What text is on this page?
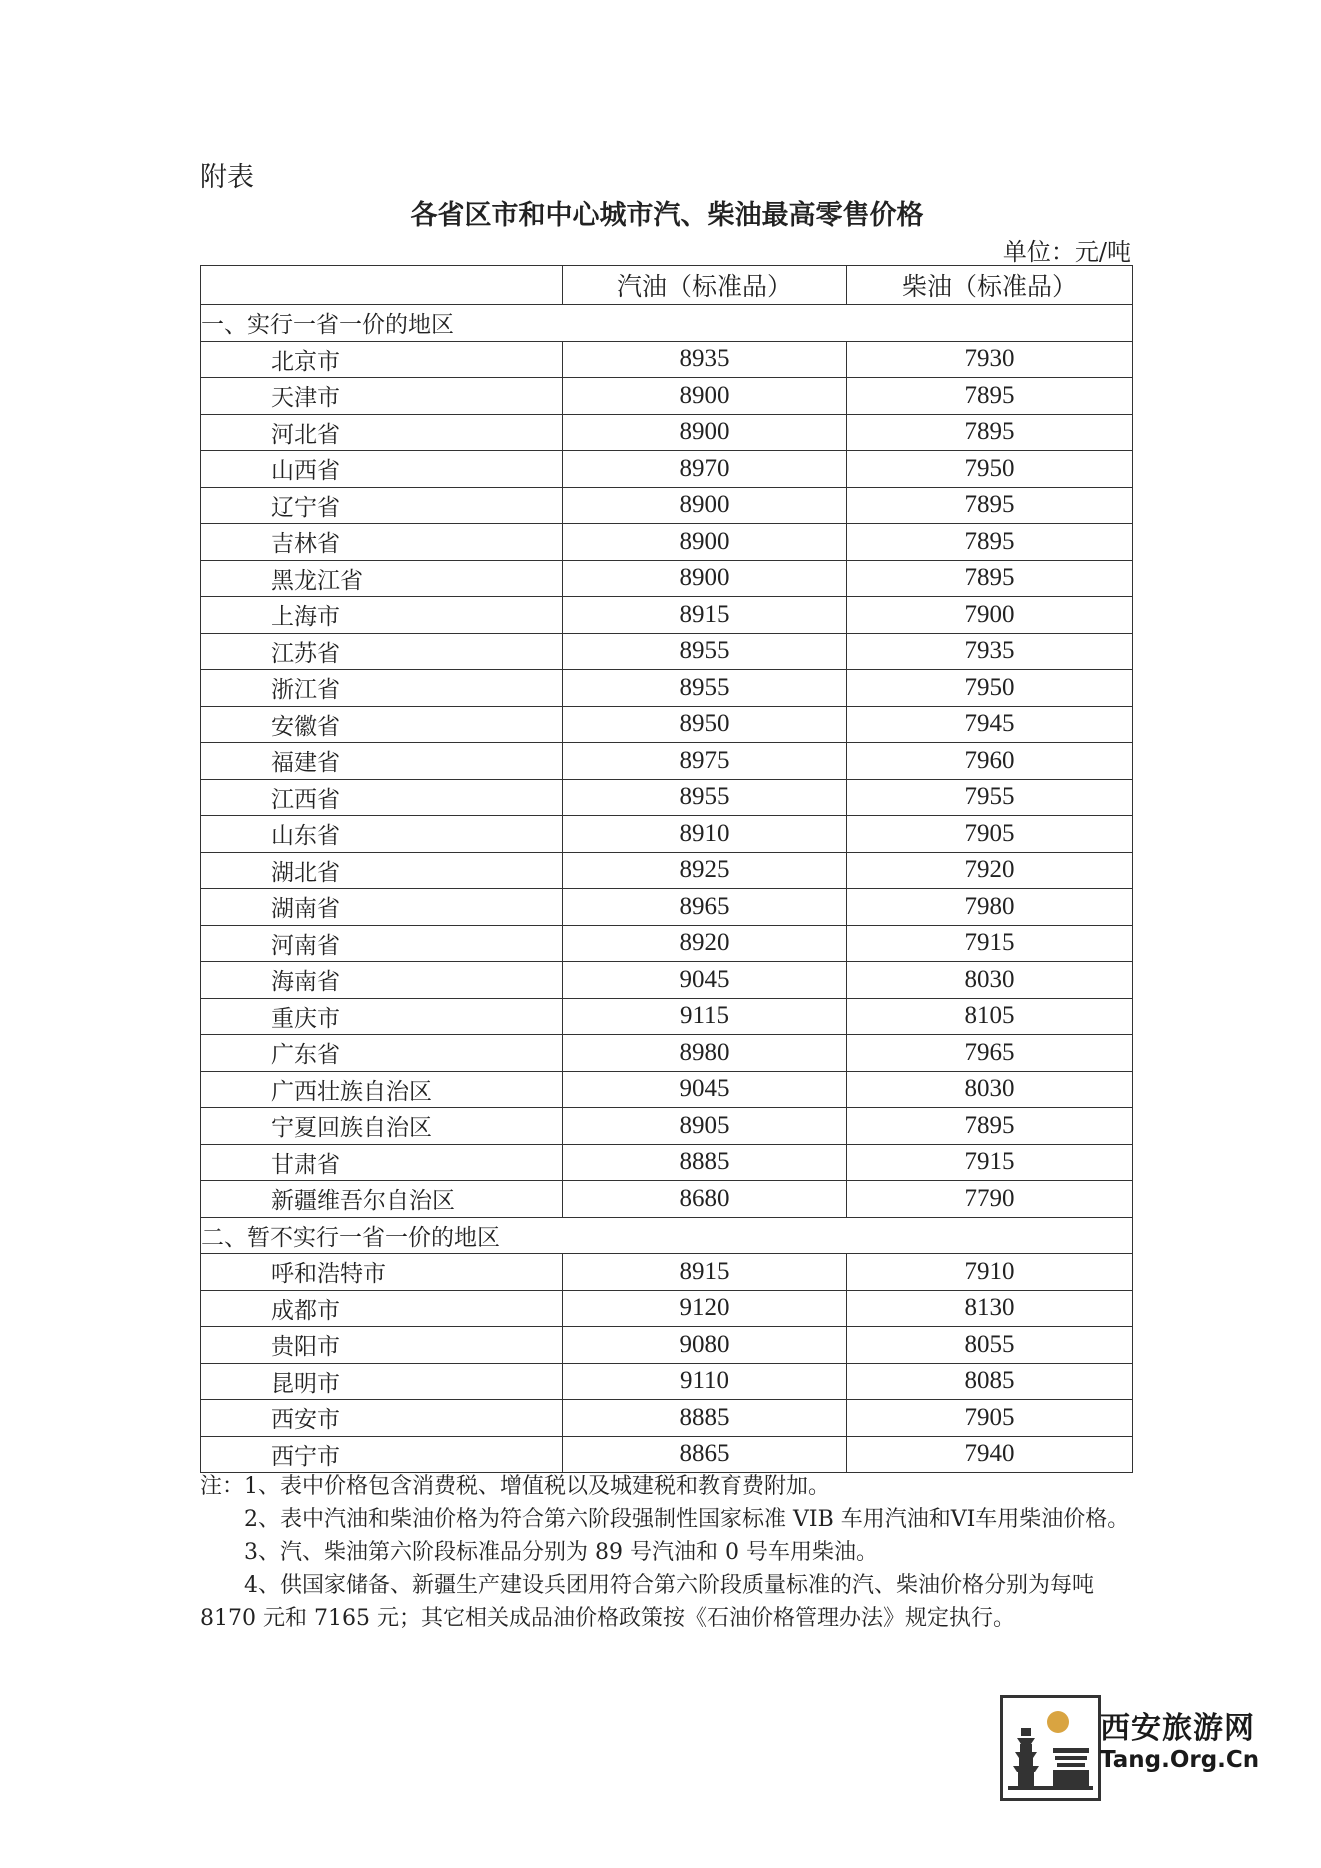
附表
各省区市和中心城市汽、柴油最高零售价格
单位：元/吨
	汽油（标准品）	柴油（标准品）
一、实行一省一价的地区		
北京市	8935	7930
天津市	8900	7895
河北省	8900	7895
山西省	8970	7950
辽宁省	8900	7895
吉林省	8900	7895
黑龙江省	8900	7895
上海市	8915	7900
江苏省	8955	7935
浙江省	8955	7950
安徽省	8950	7945
福建省	8975	7960
江西省	8955	7955
山东省	8910	7905
湖北省	8925	7920
湖南省	8965	7980
河南省	8920	7915
海南省	9045	8030
重庆市	9115	8105
广东省	8980	7965
广西壮族自治区	9045	8030
宁夏回族自治区	8905	7895
甘肃省	8885	7915
新疆维吾尔自治区	8680	7790
二、暂不实行一省一价的地区		
呼和浩特市	8915	7910
成都市	9120	8130
贵阳市	9080	8055
昆明市	9110	8085
西安市	8885	7905
西宁市	8865	7940

注：1、表中价格包含消费税、增值税以及城建税和教育费附加。

2、表中汽油和柴油价格为符合第六阶段强制性国家标准 VIB 车用汽油和VI车用柴油价格。

3、汽、柴油第六阶段标准品分别为 89 号汽油和 0 号车用柴油。

4、供国家储备、新疆生产建设兵团用符合第六阶段质量标准的汽、柴油价格分别为每吨 8170 元和 7165 元；其它相关成品油价格政策按《石油价格管理办法》规定执行。

西安旅游网
Tang.Org.Cn
